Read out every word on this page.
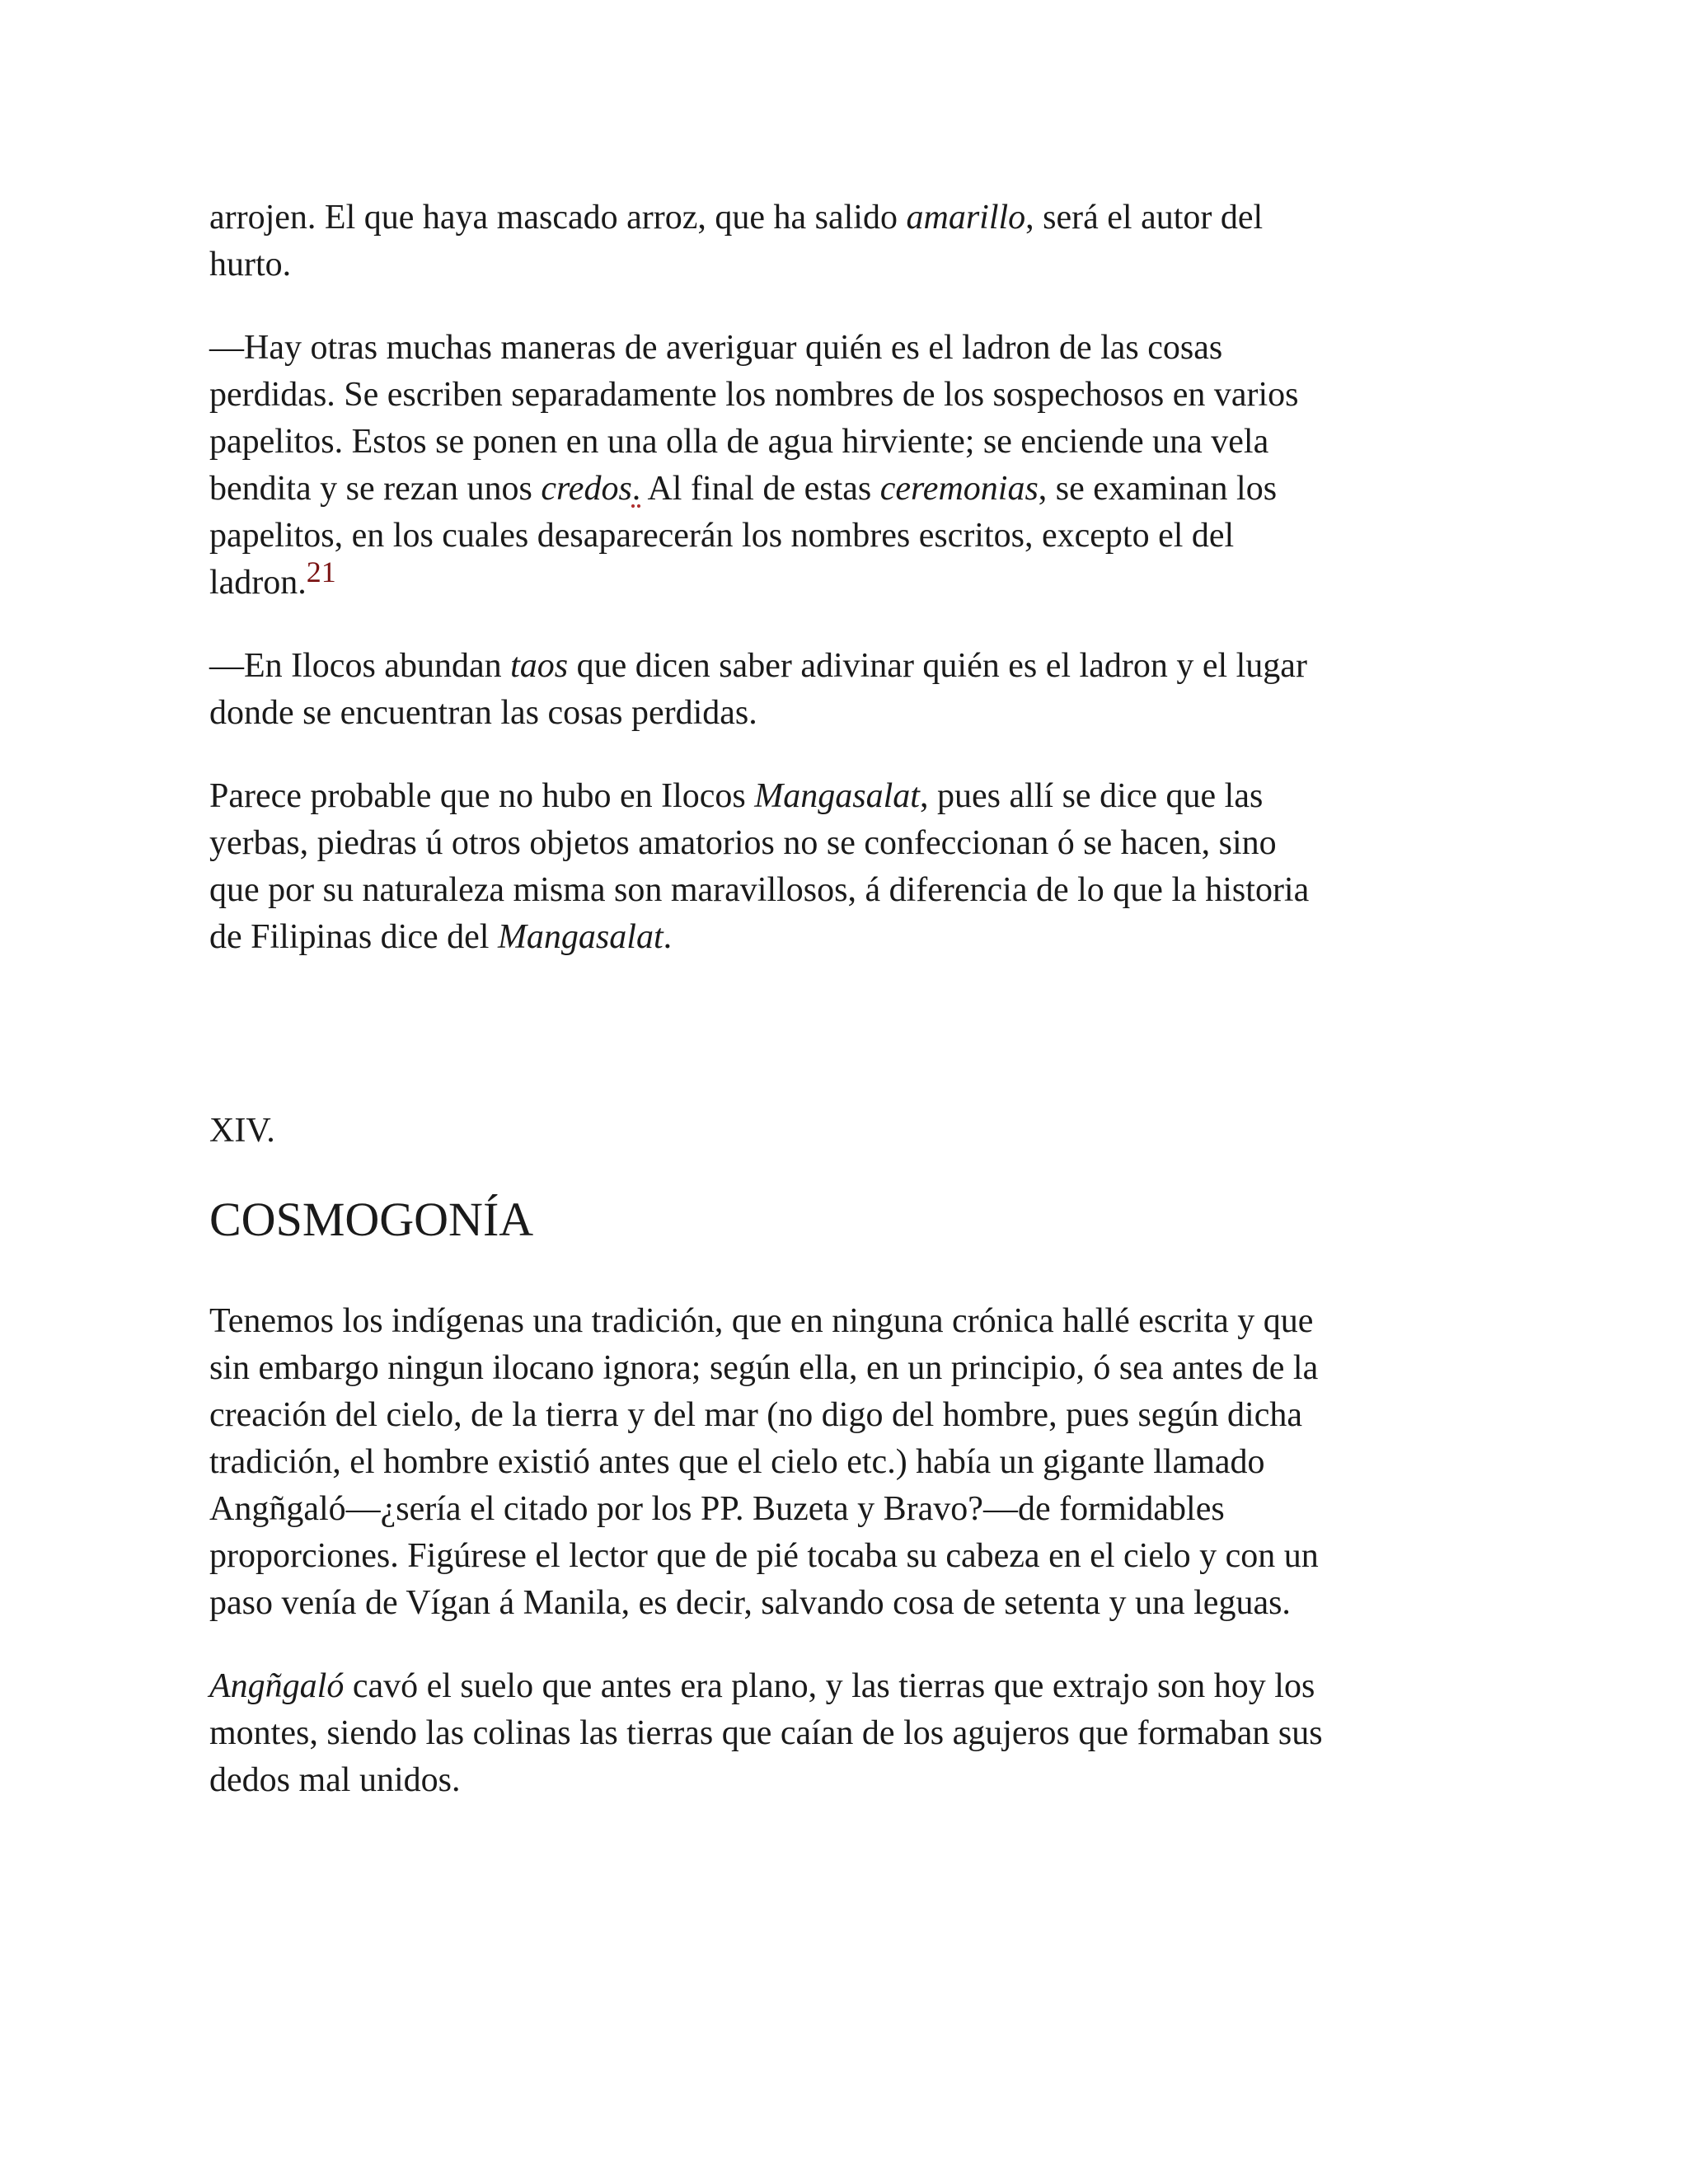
arrojen. El que haya mascado arroz, que ha salido amarillo, será el autor del
hurto.

—Hay otras muchas maneras de averiguar quién es el ladron de las cosas
perdidas. Se escriben separadamente los nombres de los sospechosos en varios
papelitos. Estos se ponen en una olla de agua hirviente; se enciende una vela
bendita y se rezan unos credos. Al final de estas ceremonias, se examinan los
papelitos, en los cuales desaparecerán los nombres escritos, excepto el del
ladron.21

—En Ilocos abundan taos que dicen saber adivinar quién es el ladron y el lugar
donde se encuentran las cosas perdidas.

Parece probable que no hubo en Ilocos Mangasalat, pues allí se dice que las
yerbas, piedras ú otros objetos amatorios no se confeccionan ó se hacen, sino
que por su naturaleza misma son maravillosos, á diferencia de lo que la historia
de Filipinas dice del Mangasalat.

XIV.
COSMOGONÍA

Tenemos los indígenas una tradición, que en ninguna crónica hallé escrita y que
sin embargo ningun ilocano ignora; según ella, en un principio, ó sea antes de la
creación del cielo, de la tierra y del mar (no digo del hombre, pues según dicha
tradición, el hombre existió antes que el cielo etc.) había un gigante llamado
Angñgaló—¿sería el citado por los PP. Buzeta y Bravo?—de formidables
proporciones. Figúrese el lector que de pié tocaba su cabeza en el cielo y con un
paso venía de Vígan á Manila, es decir, salvando cosa de setenta y una leguas.

Angñgaló cavó el suelo que antes era plano, y las tierras que extrajo son hoy los
montes, siendo las colinas las tierras que caían de los agujeros que formaban sus
dedos mal unidos.
